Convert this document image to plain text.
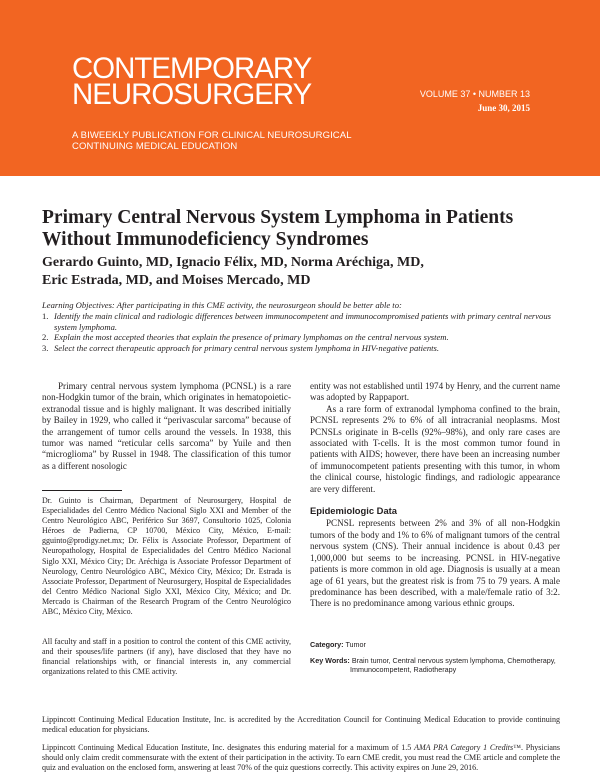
CONTEMPORARY
NEUROSURGERY	VOLUME 37 • NUMBER 13
June 30, 2015
A BIWEEKLY PUBLICATION FOR CLINICAL NEUROSURGICAL
CONTINUING MEDICAL EDUCATION
Primary Central Nervous System Lymphoma in Patients Without Immunodeficiency Syndromes
Gerardo Guinto, MD, Ignacio Félix, MD, Norma Aréchiga, MD,
Eric Estrada, MD, and Moises Mercado, MD
Learning Objectives: After participating in this CME activity, the neurosurgeon should be better able to:
1. Identify the main clinical and radiologic differences between immunocompetent and immunocompromised patients with primary central nervous system lymphoma.
2. Explain the most accepted theories that explain the presence of primary lymphomas on the central nervous system.
3. Select the correct therapeutic approach for primary central nervous system lymphoma in HIV-negative patients.

Primary central nervous system lymphoma (PCNSL) is a rare non-Hodgkin tumor of the brain, which originates in hematopoietic-extranodal tissue and is highly malignant. It was described initially by Bailey in 1929, who called it “perivascular sarcoma” because of the arrangement of tumor cells around the vessels. In 1938, this tumor was named “reticular cells sarcoma” by Yuile and then “microglioma” by Russel in 1948. The classification of this tumor as a different nosologic

Dr. Guinto is Chairman, Department of Neurosurgery, Hospital de Especialidades del Centro Médico Nacional Siglo XXI and Member of the Centro Neurológico ABC, Periférico Sur 3697, Consultorio 1025, Colonia Héroes de Padierna, CP 10700, México City, México, E-mail: gguinto@prodigy.net.mx; Dr. Félix is Associate Professor, Department of Neuropathology, Hospital de Especialidades del Centro Médico Nacional Siglo XXI, México City; Dr. Aréchiga is Associate Professor Department of Neurology, Centro Neurológico ABC, México City, México; Dr. Estrada is Associate Professor, Department of Neurosurgery, Hospital de Especialidades del Centro Médico Nacional Siglo XXI, México City, México; and Dr. Mercado is Chairman of the Research Program of the Centro Neurológico ABC, México City, México.
All faculty and staff in a position to control the content of this CME activity, and their spouses/life partners (if any), have disclosed that they have no financial relationships with, or financial interests in, any commercial organizations related to this CME activity.

entity was not established until 1974 by Henry, and the current name was adopted by Rappaport.

As a rare form of extranodal lymphoma confined to the brain, PCNSL represents 2% to 6% of all intracranial neoplasms. Most PCNSLs originate in B-cells (92%–98%), and only rare cases are associated with T-cells. It is the most common tumor found in patients with AIDS; however, there have been an increasing number of immunocompetent patients presenting with this tumor, in whom the clinical course, histologic findings, and radiologic appearance are very different.

Epidemiologic Data

PCNSL represents between 2% and 3% of all non-Hodgkin tumors of the body and 1% to 6% of malignant tumors of the central nervous system (CNS). Their annual incidence is about 0.43 per 1,000,000 but seems to be increasing. PCNSL in HIV-negative patients is more common in old age. Diagnosis is usually at a mean age of 61 years, but the greatest risk is from 75 to 79 years. A male predominance has been described, with a male/female ratio of 3:2. There is no predominance among various ethnic groups.

Category: Tumor
Key Words: Brain tumor, Central nervous system lymphoma, Chemotherapy, Immunocompetent, Radiotherapy
Lippincott Continuing Medical Education Institute, Inc. is accredited by the Accreditation Council for Continuing Medical Education to provide continuing medical education for physicians.
Lippincott Continuing Medical Education Institute, Inc. designates this enduring material for a maximum of 1.5 AMA PRA Category 1 Credits™. Physicians should only claim credit commensurate with the extent of their participation in the activity. To earn CME credit, you must read the CME article and complete the quiz and evaluation on the enclosed form, answering at least 70% of the quiz questions correctly. This activity expires on June 29, 2016.
